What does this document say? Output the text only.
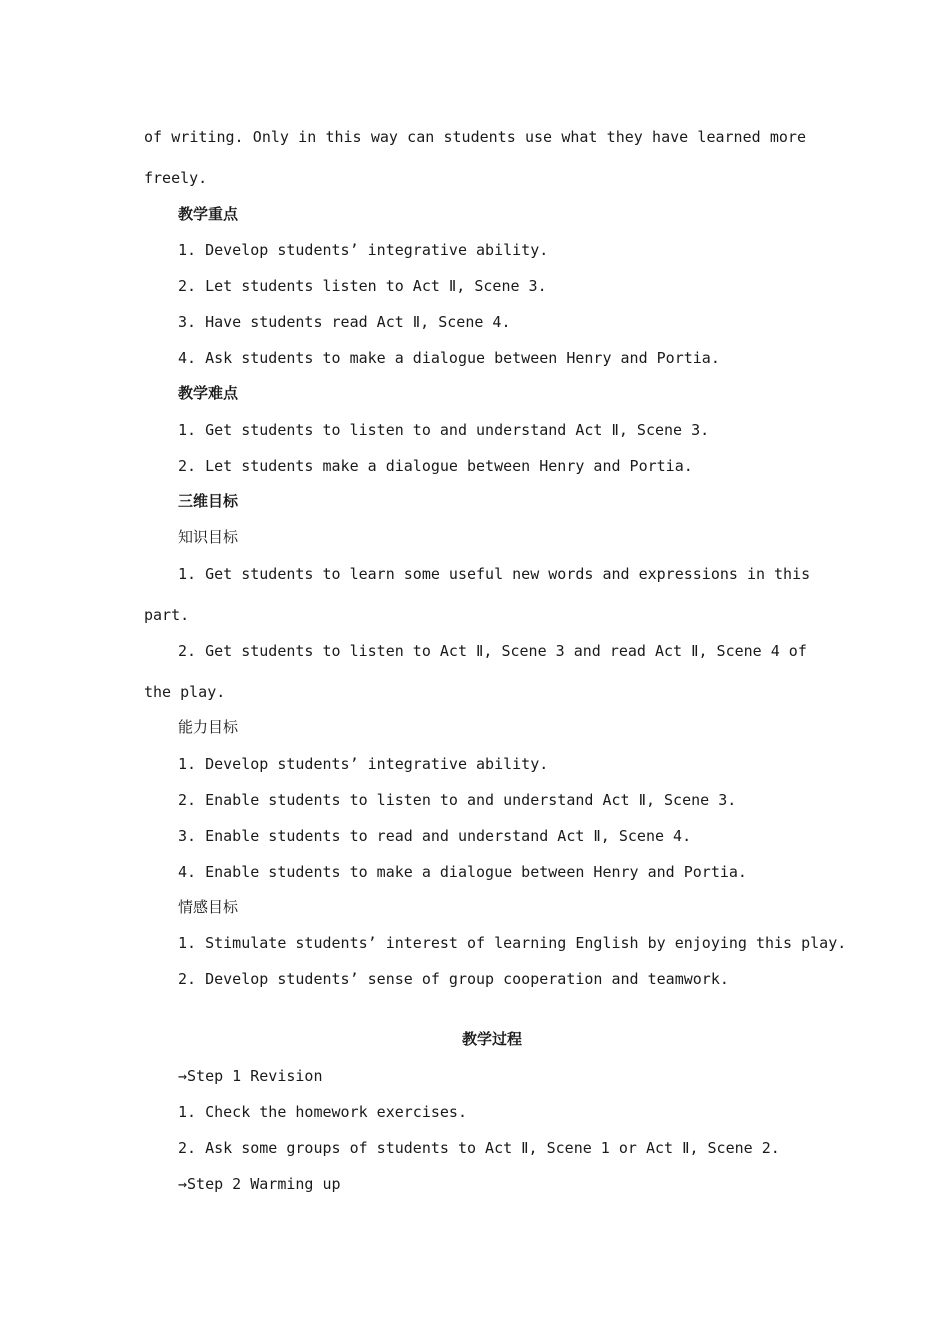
of writing. Only in this way can students use what they have learned more

freely.

教学重点

1. Develop students’ integrative ability.

2. Let students listen to Act Ⅱ, Scene 3.

3. Have students read Act Ⅱ, Scene 4.

4. Ask students to make a dialogue between Henry and Portia.

教学难点

1. Get students to listen to and understand Act Ⅱ, Scene 3.

2. Let students make a dialogue between Henry and Portia.

三维目标

知识目标

1. Get students to learn some useful new words and expressions in this

part.

2. Get students to listen to Act Ⅱ, Scene 3 and read Act Ⅱ, Scene 4 of

the play.

能力目标

1. Develop students’ integrative ability.

2. Enable students to listen to and understand Act Ⅱ, Scene 3.

3. Enable students to read and understand Act Ⅱ, Scene 4.

4. Enable students to make a dialogue between Henry and Portia.

情感目标

1. Stimulate students’ interest of learning English by enjoying this play.

2. Develop students’ sense of group cooperation and teamwork.

教学过程

→Step 1 Revision

1. Check the homework exercises.

2. Ask some groups of students to Act Ⅱ, Scene 1 or Act Ⅱ, Scene 2.

→Step 2 Warming up
